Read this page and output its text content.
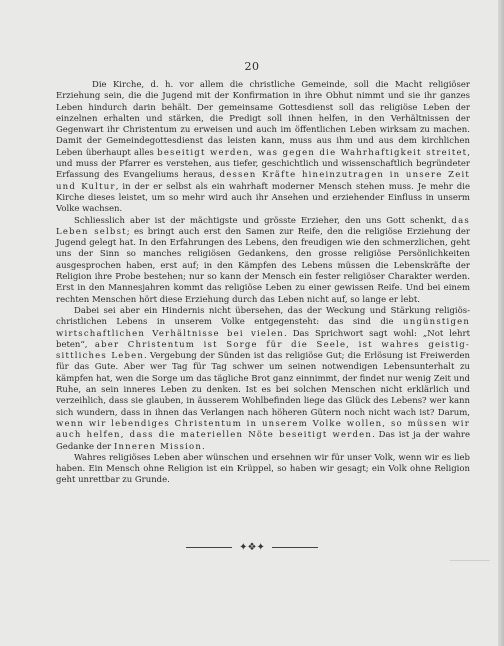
20

Die Kirche, d. h. vor allem die christliche Gemeinde, soll die Macht religiöser Erziehung sein, die die Jugend mit der Konfirmation in ihre Obhut nimmt und sie ihr ganzes Leben hindurch darin behält. Der gemeinsame Gottesdienst soll das religiöse Leben der einzelnen erhalten und stärken, die Predigt soll ihnen helfen, in den Verhältnissen der Gegenwart ihr Christentum zu erweisen und auch im öffentlichen Leben wirksam zu machen. Damit der Gemeindegottesdienst das leisten kann, muss aus ihm und aus dem kirchlichen Leben überhaupt alles beseitigt werden, was gegen die Wahrhaftigkeit streitet, und muss der Pfarrer es verstehen, aus tiefer, geschichtlich und wissenschaftlich begründeter Erfassung des Evangeliums heraus, dessen Kräfte hineinzutragen in unsere Zeit und Kultur, in der er selbst als ein wahrhaft moderner Mensch stehen muss. Je mehr die Kirche dieses leistet, um so mehr wird auch ihr Ansehen und erziehender Einfluss in unserm Volke wachsen.

Schliesslich aber ist der mächtigste und grösste Erzieher, den uns Gott schenkt, das Leben selbst; es bringt auch erst den Samen zur Reife, den die religiöse Erziehung der Jugend gelegt hat. In den Erfahrungen des Lebens, den freudigen wie den schmerzlichen, geht uns der Sinn so manches religiösen Gedankens, den grosse religiöse Persönlichkeiten ausgesprochen haben, erst auf; in den Kämpfen des Lebens müssen die Lebenskräfte der Religion ihre Probe bestehen; nur so kann der Mensch ein fester religiöser Charakter werden. Erst in den Mannesjahren kommt das religiöse Leben zu einer gewissen Reife. Und bei einem rechten Menschen hört diese Erziehung durch das Leben nicht auf, so lange er lebt.

Dabei sei aber ein Hindernis nicht übersehen, das der Weckung und Stärkung religiös-christlichen Lebens in unserem Volke entgegensteht: das sind die ungünstigen wirtschaftlichen Verhältnisse bei vielen. Das Sprichwort sagt wohl: „Not lehrt beten“, aber Christentum ist Sorge für die Seele, ist wahres geistig-sittliches Leben. Vergebung der Sünden ist das religiöse Gut; die Erlösung ist Freiwerden für das Gute. Aber wer Tag für Tag schwer um seinen notwendigen Lebensunterhalt zu kämpfen hat, wen die Sorge um das tägliche Brot ganz einnimmt, der findet nur wenig Zeit und Ruhe, an sein inneres Leben zu denken. Ist es bei solchen Menschen nicht erklärlich und verzeihlich, dass sie glauben, in äusserem Wohlbefinden liege das Glück des Lebens? wer kann sich wundern, dass in ihnen das Verlangen nach höheren Gütern noch nicht wach ist? Darum, wenn wir lebendiges Christentum in unserem Volke wollen, so müssen wir auch helfen, dass die materiellen Nöte beseitigt werden. Das ist ja der wahre Gedanke der Inneren Mission.

Wahres religiöses Leben aber wünschen und ersehnen wir für unser Volk, wenn wir es lieb haben. Ein Mensch ohne Religion ist ein Krüppel, so haben wir gesagt; ein Volk ohne Religion geht unrettbar zu Grunde.

✦❖✦
